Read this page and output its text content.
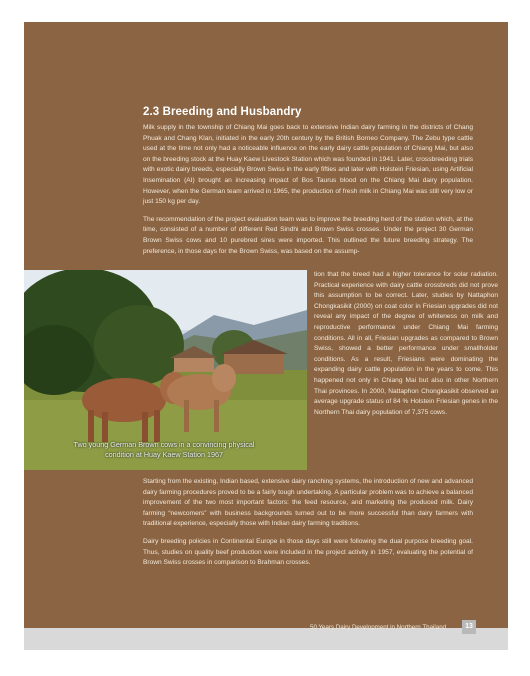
2.3 Breeding and Husbandry

Milk supply in the township of Chiang Mai goes back to extensive Indian dairy farming in the districts of Chang Phuak and Chang Klan, initiated in the early 20th century by the British Borneo Company. The Zebu type cattle used at the time not only had a noticeable influence on the early dairy cattle population of Chiang Mai, but also on the breeding stock at the Huay Kaew Livestock Station which was founded in 1941. Later, crossbreeding trials with exotic dairy breeds, especially Brown Swiss in the early fifties and later with Holstein Friesian, using Artificial Insemination (AI) brought an increasing impact of Bos Taurus blood on the Chiang Mai dairy population. However, when the German team arrived in 1965, the production of fresh milk in Chiang Mai was still very low or just 150 kg per day.

The recommendation of the project evaluation team was to improve the breeding herd of the station which, at the time, consisted of a number of different Red Sindhi and Brown Swiss crosses. Under the project 30 German Brown Swiss cows and 10 purebred sires were imported. This outlined the future breeding strategy. The preference, in those days for the Brown Swiss, was based on the assump-

Two young German Brown cows in a convincing physical condition at Huay Kaew Station 1967
tion that the breed had a higher tolerance for solar radiation. Practical experience with dairy cattle crossbreds did not prove this assumption to be correct. Later, studies by Nattaphon Chongkasikit (2000) on coat color in Friesian upgrades did not reveal any impact of the degree of whiteness on milk and reproductive performance under Chiang Mai farming conditions. All in all, Friesian upgrades as compared to Brown Swiss, showed a better performance under smallholder conditions. As a result, Friesians were dominating the expanding dairy cattle population in the years to come. This happened not only in Chiang Mai but also in other Northern Thai provinces. In 2000, Nattaphon Chongkasikit observed an average upgrade status of 84 % Holstein Friesian genes in the Northern Thai dairy population of 7,375 cows.

Starting from the existing, Indian based, extensive dairy ranching systems, the introduction of new and advanced dairy farming procedures proved to be a fairly tough undertaking. A particular problem was to achieve a balanced improvement of the two most important factors: the feed resource, and marketing the produced milk. Dairy farming “newcomers” with business backgrounds turned out to be more successful than dairy farmers with traditional experience, especially those with Indian dairy farming traditions.

Dairy breeding policies in Continental Europe in those days still were following the dual purpose breeding goal. Thus, studies on quality beef production were included in the project activity in 1957, evaluating the potential of Brown Swiss crosses in comparison to Brahman crosses.

50 Years Dairy Development in Northern Thailand	13
